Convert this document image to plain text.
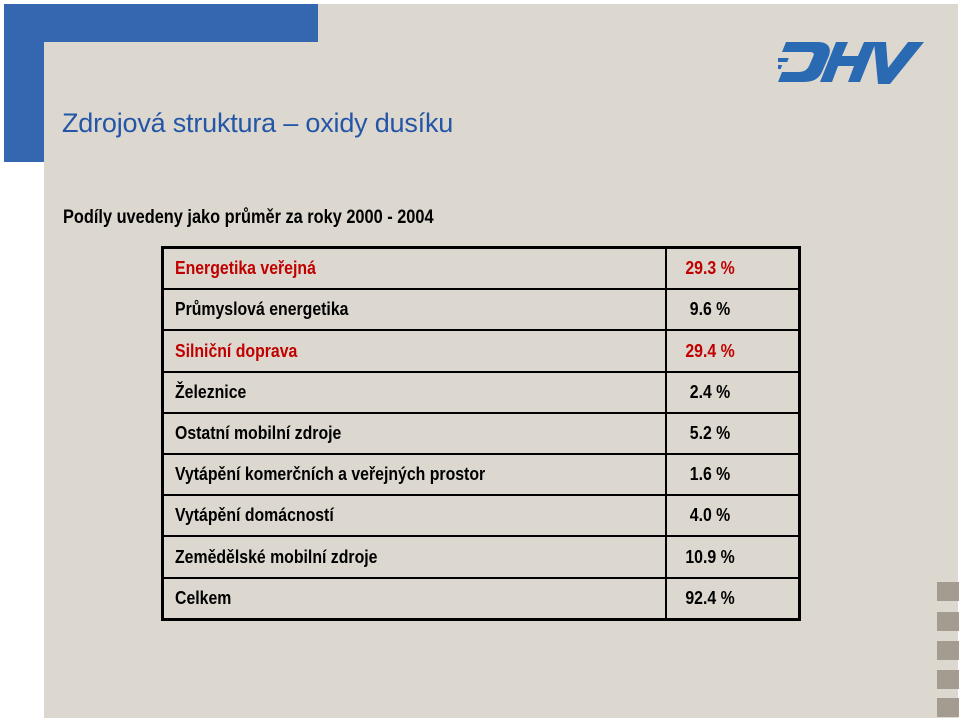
Zdrojová struktura – oxidy dusíku
Podíly uvedeny jako průměr za roky 2000 - 2004
Energetika veřejná	29.3 %
Průmyslová energetika	9.6 %
Silniční doprava	29.4 %
Železnice	2.4 %
Ostatní mobilní zdroje	5.2 %
Vytápění komerčních a veřejných prostor	1.6 %
Vytápění domácností	4.0 %
Zemědělské mobilní zdroje	10.9 %
Celkem	92.4 %
